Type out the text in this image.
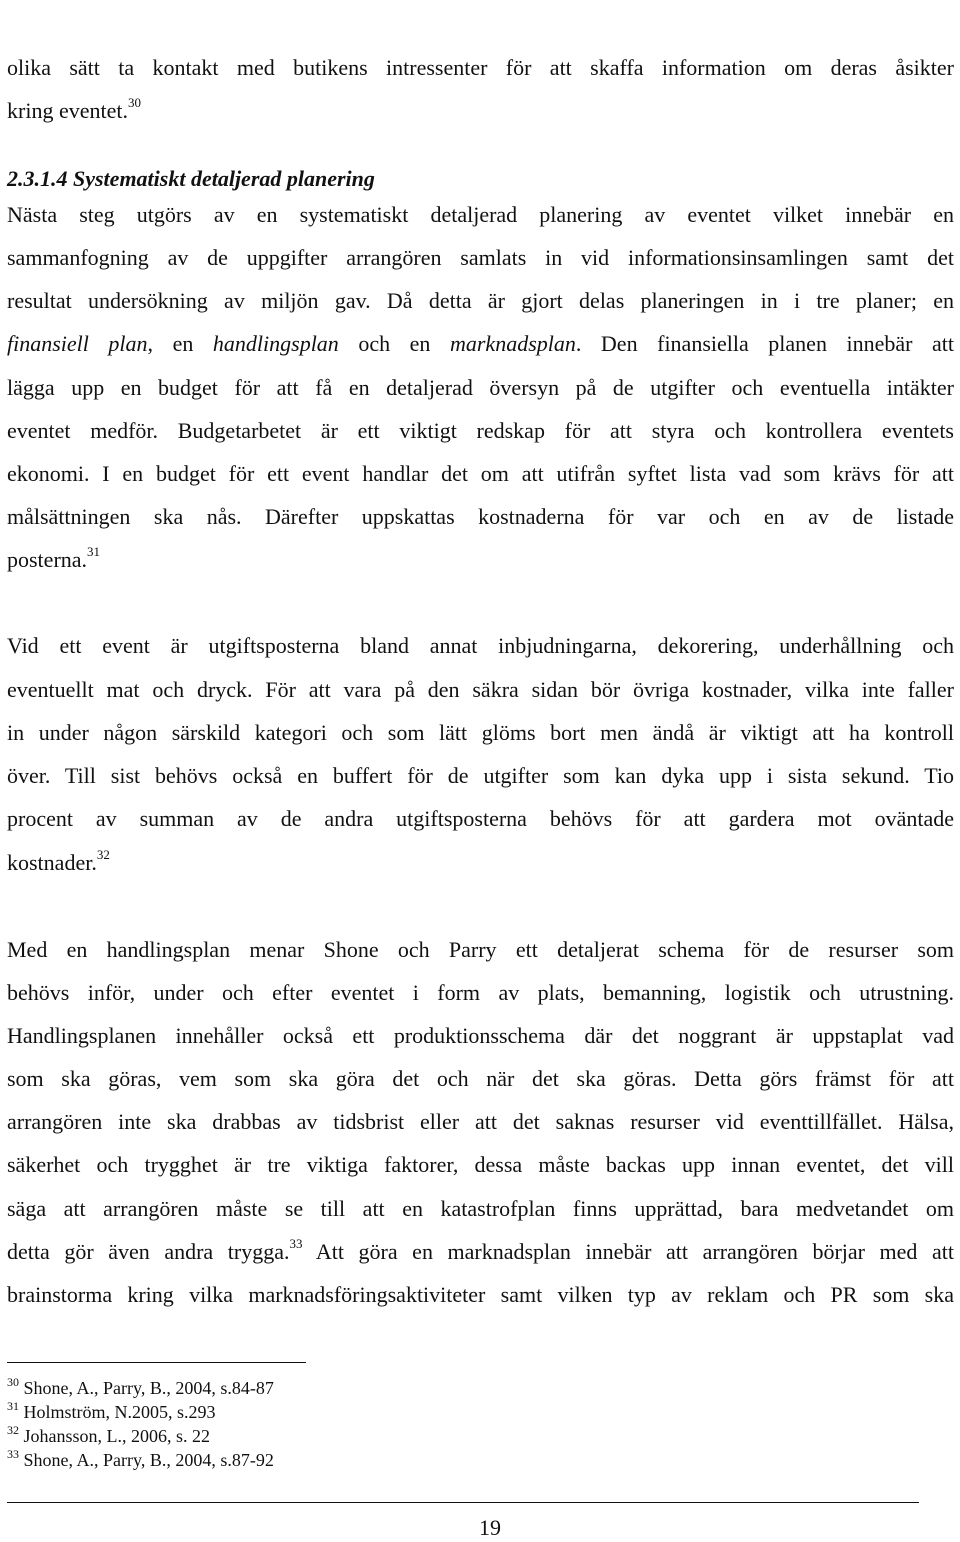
olika sätt ta kontakt med butikens intressenter för att skaffa information om deras åsikter
kring eventet.$^{30}$
2.3.1.4 Systematiskt detaljerad planering
Nästa steg utgörs av en systematiskt detaljerad planering av eventet vilket innebär en
sammanfogning av de uppgifter arrangören samlats in vid informationsinsamlingen samt det
resultat undersökning av miljön gav. Då detta är gjort delas planeringen in i tre planer; en
finansiell plan, en handlingsplan och en marknadsplan. Den finansiella planen innebär att
lägga upp en budget för att få en detaljerad översyn på de utgifter och eventuella intäkter
eventet medför. Budgetarbetet är ett viktigt redskap för att styra och kontrollera eventets
ekonomi. I en budget för ett event handlar det om att utifrån syftet lista vad som krävs för att
målsättningen ska nås. Därefter uppskattas kostnaderna för var och en av de listade
posterna.$^{31}$
Vid ett event är utgiftsposterna bland annat inbjudningarna, dekorering, underhållning och
eventuellt mat och dryck. För att vara på den säkra sidan bör övriga kostnader, vilka inte faller
in under någon särskild kategori och som lätt glöms bort men ändå är viktigt att ha kontroll
över. Till sist behövs också en buffert för de utgifter som kan dyka upp i sista sekund. Tio
procent av summan av de andra utgiftsposterna behövs för att gardera mot oväntade
kostnader.$^{32}$
Med en handlingsplan menar Shone och Parry ett detaljerat schema för de resurser som
behövs inför, under och efter eventet i form av plats, bemanning, logistik och utrustning.
Handlingsplanen innehåller också ett produktionsschema där det noggrant är uppstaplat vad
som ska göras, vem som ska göra det och när det ska göras. Detta görs främst för att
arrangören inte ska drabbas av tidsbrist eller att det saknas resurser vid eventtillfället. Hälsa,
säkerhet och trygghet är tre viktiga faktorer, dessa måste backas upp innan eventet, det vill
säga att arrangören måste se till att en katastrofplan finns upprättad, bara medvetandet om
detta gör även andra trygga.$^{33}$ Att göra en marknadsplan innebär att arrangören börjar med att
brainstorma kring vilka marknadsföringsaktiviteter samt vilken typ av reklam och PR som ska
$^{30}$ Shone, A., Parry, B., 2004, s.84-87
$^{31}$ Holmström, N.2005, s.293
$^{32}$ Johansson, L., 2006, s. 22
$^{33}$ Shone, A., Parry, B., 2004, s.87-92
19
